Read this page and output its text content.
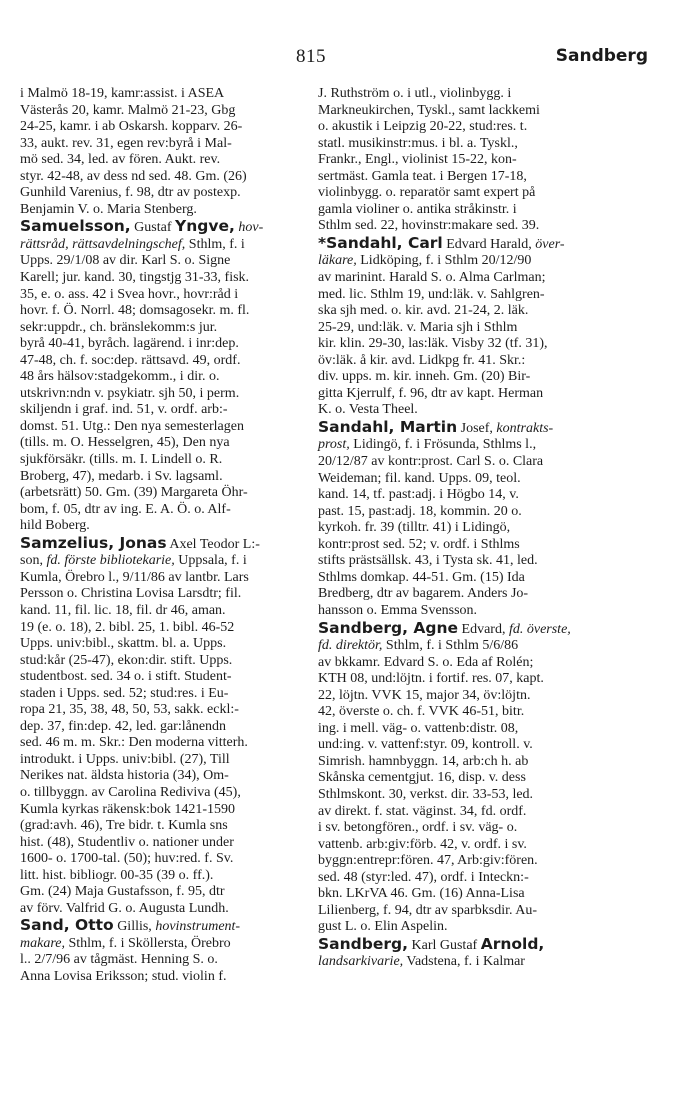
815	Sandberg

i Malmö 18-19, kamr:assist. i ASEA
Västerås 20, kamr. Malmö 21-23, Gbg
24-25, kamr. i ab Oskarsh. kopparv. 26-
33, aukt. rev. 31, egen rev:byrå i Mal-
mö sed. 34, led. av fören. Aukt. rev.
styr. 42-48, av dess nd sed. 48. Gm. (26)
Gunhild Varenius, f. 98, dtr av postexp.
Benjamin V. o. Maria Stenberg.

Samuelsson, Gustaf Yngve, hov-
rättsråd, rättsavdelningschef, Sthlm, f. i
Upps. 29/1/08 av dir. Karl S. o. Signe
Karell; jur. kand. 30, tingstjg 31-33, fisk.
35, e. o. ass. 42 i Svea hovr., hovr:råd i
hovr. f. Ö. Norrl. 48; domsagosekr. m. fl.
sekr:uppdr., ch. bränslekomm:s jur.
byrå 40-41, byråch. lagärend. i inr:dep.
47-48, ch. f. soc:dep. rättsavd. 49, ordf.
48 års hälsov:stadgekomm., i dir. o.
utskrivn:ndn v. psykiatr. sjh 50, i perm.
skiljendn i graf. ind. 51, v. ordf. arb:-
domst. 51. Utg.: Den nya semesterlagen
(tills. m. O. Hesselgren, 45), Den nya
sjukförsäkr. (tills. m. I. Lindell o. R.
Broberg, 47), medarb. i Sv. lagsaml.
(arbetsrätt) 50. Gm. (39) Margareta Öhr-
bom, f. 05, dtr av ing. E. A. Ö. o. Alf-
hild Boberg.

Samzelius, Jonas Axel Teodor L:-
son, fd. förste bibliotekarie, Uppsala, f. i
Kumla, Örebro l., 9/11/86 av lantbr. Lars
Persson o. Christina Lovisa Larsdtr; fil.
kand. 11, fil. lic. 18, fil. dr 46, aman.
19 (e. o. 18), 2. bibl. 25, 1. bibl. 46-52
Upps. univ:bibl., skattm. bl. a. Upps.
stud:kår (25-47), ekon:dir. stift. Upps.
studentbost. sed. 34 o. i stift. Student-
staden i Upps. sed. 52; stud:res. i Eu-
ropa 21, 35, 38, 48, 50, 53, sakk. eckl:-
dep. 37, fin:dep. 42, led. gar:lånendn
sed. 46 m. m. Skr.: Den moderna vitterh.
introdukt. i Upps. univ:bibl. (27), Till
Nerikes nat. äldsta historia (34), Om-
o. tillbyggn. av Carolina Rediviva (45),
Kumla kyrkas räkensk:bok 1421-1590
(grad:avh. 46), Tre bidr. t. Kumla sns
hist. (48), Studentliv o. nationer under
1600- o. 1700-tal. (50); huv:red. f. Sv.
litt. hist. bibliogr. 00-35 (39 o. ff.).
Gm. (24) Maja Gustafsson, f. 95, dtr
av förv. Valfrid G. o. Augusta Lundh.

Sand, Otto Gillis, hovinstrument-
makare, Sthlm, f. i Sköllersta, Örebro
l.. 2/7/96 av tågmäst. Henning S. o.
Anna Lovisa Eriksson; stud. violin f.

J. Ruthström o. i utl., violinbygg. i
Markneukirchen, Tyskl., samt lackkemi
o. akustik i Leipzig 20-22, stud:res. t.
statl. musikinstr:mus. i bl. a. Tyskl.,
Frankr., Engl., violinist 15-22, kon-
sertmäst. Gamla teat. i Bergen 17-18,
violinbygg. o. reparatör samt expert på
gamla violiner o. antika stråkinstr. i
Sthlm sed. 22, hovinstr:makare sed. 39.

*Sandahl, Carl Edvard Harald, över-
läkare, Lidköping, f. i Sthlm 20/12/90
av marinint. Harald S. o. Alma Carlman;
med. lic. Sthlm 19, und:läk. v. Sahlgren-
ska sjh med. o. kir. avd. 21-24, 2. läk.
25-29, und:läk. v. Maria sjh i Sthlm
kir. klin. 29-30, las:läk. Visby 32 (tf. 31),
öv:läk. å kir. avd. Lidkpg fr. 41. Skr.:
div. upps. m. kir. inneh. Gm. (20) Bir-
gitta Kjerrulf, f. 96, dtr av kapt. Herman
K. o. Vesta Theel.

Sandahl, Martin Josef, kontrakts-
prost, Lidingö, f. i Frösunda, Sthlms l.,
20/12/87 av kontr:prost. Carl S. o. Clara
Weideman; fil. kand. Upps. 09, teol.
kand. 14, tf. past:adj. i Högbo 14, v.
past. 15, past:adj. 18, kommin. 20 o.
kyrkoh. fr. 39 (tilltr. 41) i Lidingö,
kontr:prost sed. 52; v. ordf. i Sthlms
stifts prästsällsk. 43, i Tysta sk. 41, led.
Sthlms domkap. 44-51. Gm. (15) Ida
Bredberg, dtr av bagarem. Anders Jo-
hansson o. Emma Svensson.

Sandberg, Agne Edvard, fd. överste,
fd. direktör, Sthlm, f. i Sthlm 5/6/86
av bkkamr. Edvard S. o. Eda af Rolén;
KTH 08, und:löjtn. i fortif. res. 07, kapt.
22, löjtn. VVK 15, major 34, öv:löjtn.
42, överste o. ch. f. VVK 46-51, bitr.
ing. i mell. väg- o. vattenb:distr. 08,
und:ing. v. vattenf:styr. 09, kontroll. v.
Simrish. hamnbyggn. 14, arb:ch h. ab
Skånska cementgjut. 16, disp. v. dess
Sthlmskont. 30, verkst. dir. 33-53, led.
av direkt. f. stat. väginst. 34, fd. ordf.
i sv. betongfören., ordf. i sv. väg- o.
vattenb. arb:giv:förb. 42, v. ordf. i sv.
byggn:entrepr:fören. 47, Arb:giv:fören.
sed. 48 (styr:led. 47), ordf. i Inteckn:-
bkn. LKrVA 46. Gm. (16) Anna-Lisa
Lilienberg, f. 94, dtr av sparbksdir. Au-
gust L. o. Elin Aspelin.

Sandberg, Karl Gustaf Arnold,
landsarkivarie, Vadstena, f. i Kalmar
